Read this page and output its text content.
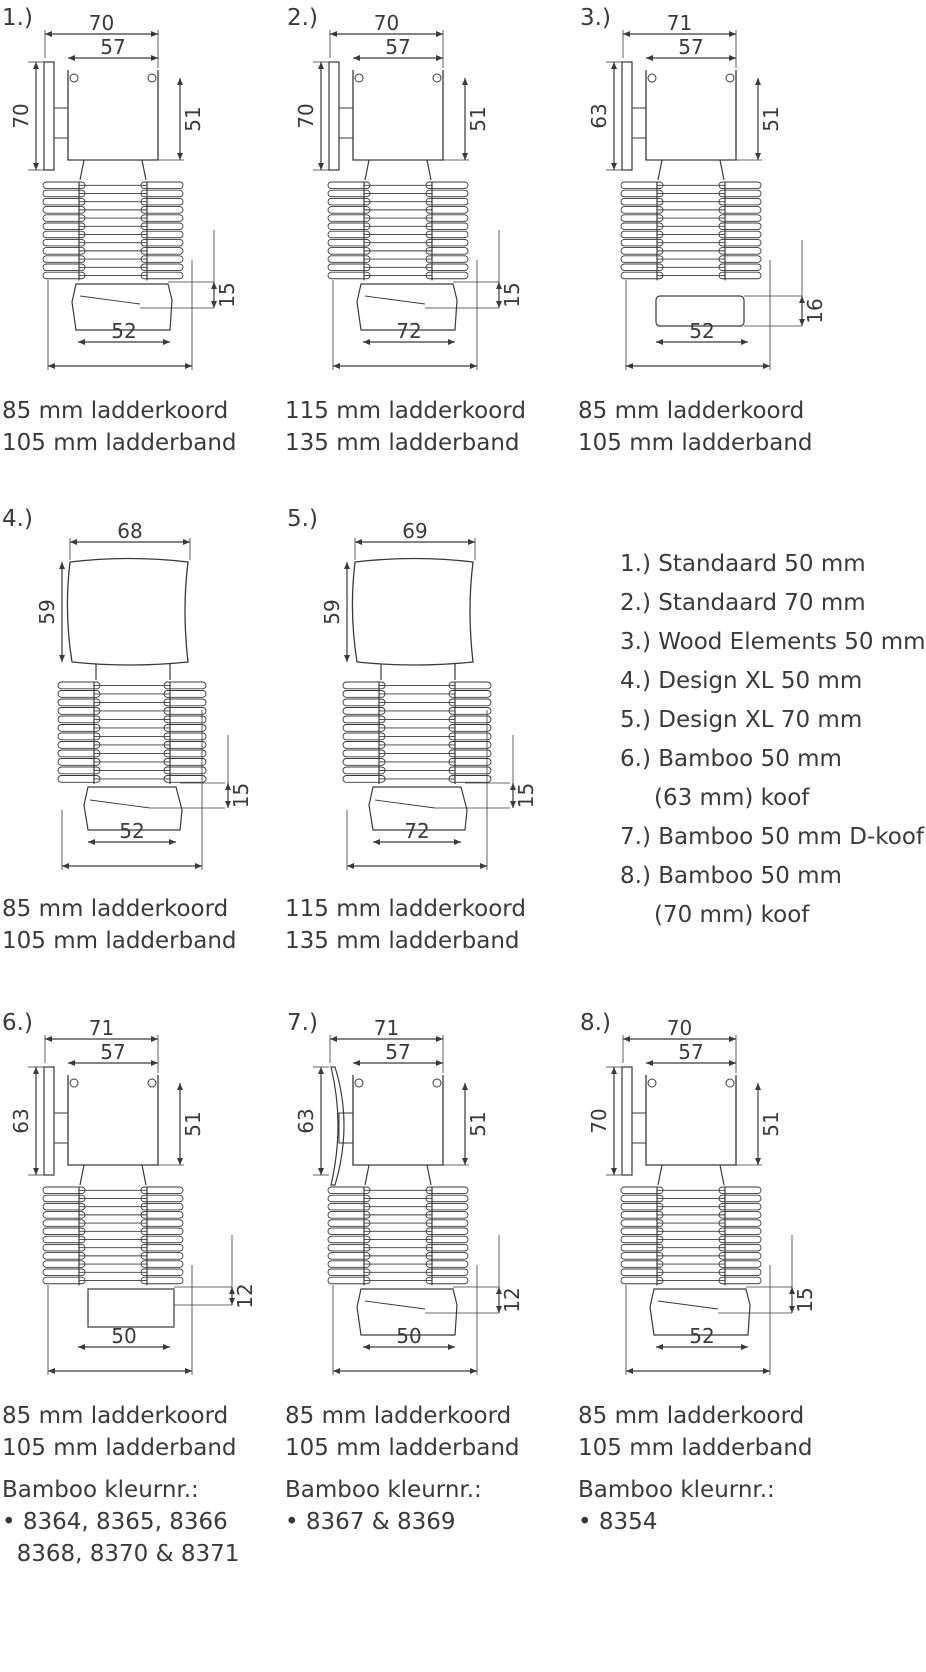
1.)	70
57
70	51
15
52
2.)	70
57
70	51
15
72
3.)	71
57
63	51
16
52
4.)	68
59
15
52
5.)	69
59
15
72
1.) Standaard 50 mm
2.) Standaard 70 mm
3.) Wood Elements 50 mm
4.) Design XL 50 mm
5.) Design XL 70 mm
6.) Bamboo 50 mm
(63 mm) koof
7.) Bamboo 50 mm D-koof
8.) Bamboo 50 mm
(70 mm) koof
6.)	71
57
63	51
12
50
7.)	71
57
63	51
12
50
8.)	70
57
70	51
15
52
85 mm ladderkoord
105 mm ladderband
115 mm ladderkoord
135 mm ladderband
85 mm ladderkoord
105 mm ladderband
85 mm ladderkoord
105 mm ladderband
115 mm ladderkoord
135 mm ladderband
85 mm ladderkoord
105 mm ladderband
Bamboo kleurnr.:
• 8364, 8365, 8366
8368, 8370 & 8371
85 mm ladderkoord
105 mm ladderband
Bamboo kleurnr.:
• 8367 & 8369
85 mm ladderkoord
105 mm ladderband
Bamboo kleurnr.:
• 8354
